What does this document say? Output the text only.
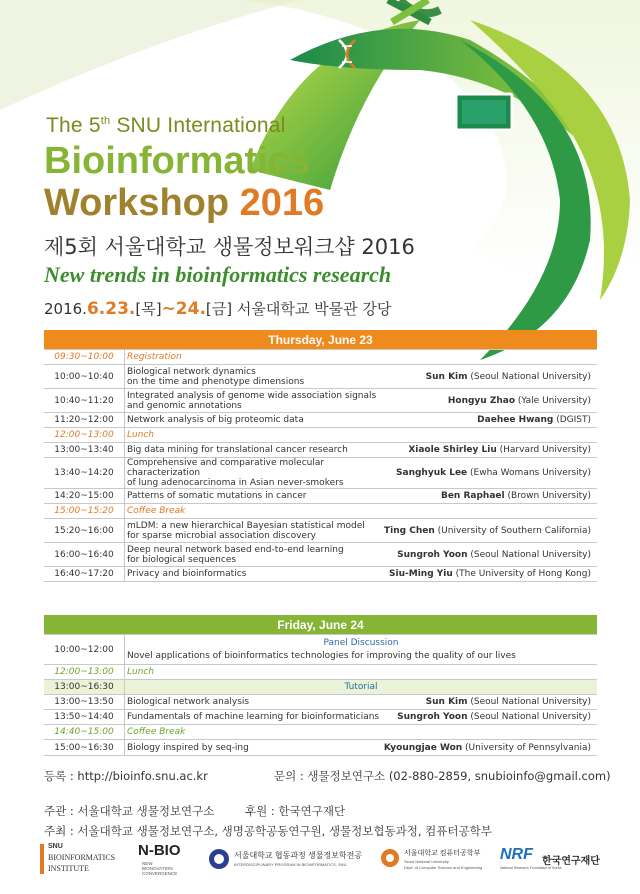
The 5th SNU International
Bioinformatics
Workshop 2016
제5회 서울대학교 생물정보워크샵 2016
New trends in bioinformatics research
2016.6.23.[목]~24.[금] 서울대학교 박물관 강당
Thursday, June 23		
09:30~10:00	Registration	

10:00~10:40	Biological network dynamics
on the time and phenotype dimensions	Sun Kim (Seoul National University)
10:40~11:20	Integrated analysis of genome wide association signals
and genomic annotations	Hongyu Zhao (Yale University)
11:20~12:00	Network analysis of big proteomic data	Daehee Hwang (DGIST)
12:00~13:00	Lunch	

13:00~13:40	Big data mining for translational cancer research	Xiaole Shirley Liu (Harvard University)
13:40~14:20	Comprehensive and comparative molecular characterization
of lung adenocarcinoma in Asian never-smokers	Sanghyuk Lee (Ewha Womans University)
14:20~15:00	Patterns of somatic mutations in cancer	Ben Raphael (Brown University)
15:00~15:20	Coffee Break	

15:20~16:00	mLDM: a new hierarchical Bayesian statistical model
for sparse microbial association discovery	Ting Chen (University of Southern California)
16:00~16:40	Deep neural network based end-to-end learning
for biological sequences	Sungroh Yoon (Seoul National University)
16:40~17:20	Privacy and bioinformatics	Siu-Ming Yiu (The University of Hong Kong)
Friday, June 24		
10:00~12:00	Panel Discussion
Novel applications of bioinformatics technologies for improving the quality of our lives	

12:00~13:00	Lunch	
13:00~16:30	Tutorial	
13:00~13:50	Biological network analysis	Sun Kim (Seoul National University)
13:50~14:40	Fundamentals of machine learning for bioinformaticians	Sungroh Yoon (Seoul National University)
14:40~15:00	Coffee Break	
15:00~16:30	Biology inspired by seq-ing	Kyoungjae Won (University of Pennsylvania)
등록 : http://bioinfo.snu.ac.kr	문의 : 생물정보연구소 (02-880-2859, snubioinfo@gmail.com)
주관 : 서울대학교 생물정보연구소	후원 : 한국연구재단
주최 : 서울대학교 생물정보연구소, 생명공학공동연구원, 생물정보협동과정, 컴퓨터공학부
SNU
BIOINFORMATICS
INSTITUTE
N-BIO
NEW
BIONOVATION
CONVERGENCE
서울대학교 협동과정 생물정보학전공
INTERDISCIPLINARY PROGRAM IN BIOINFORMATICS, SNU
서울대학교 컴퓨터공학부
Seoul National University
Dept. of Computer Science and Engineering
NRF
National Research Foundation of Korea
한국연구재단
